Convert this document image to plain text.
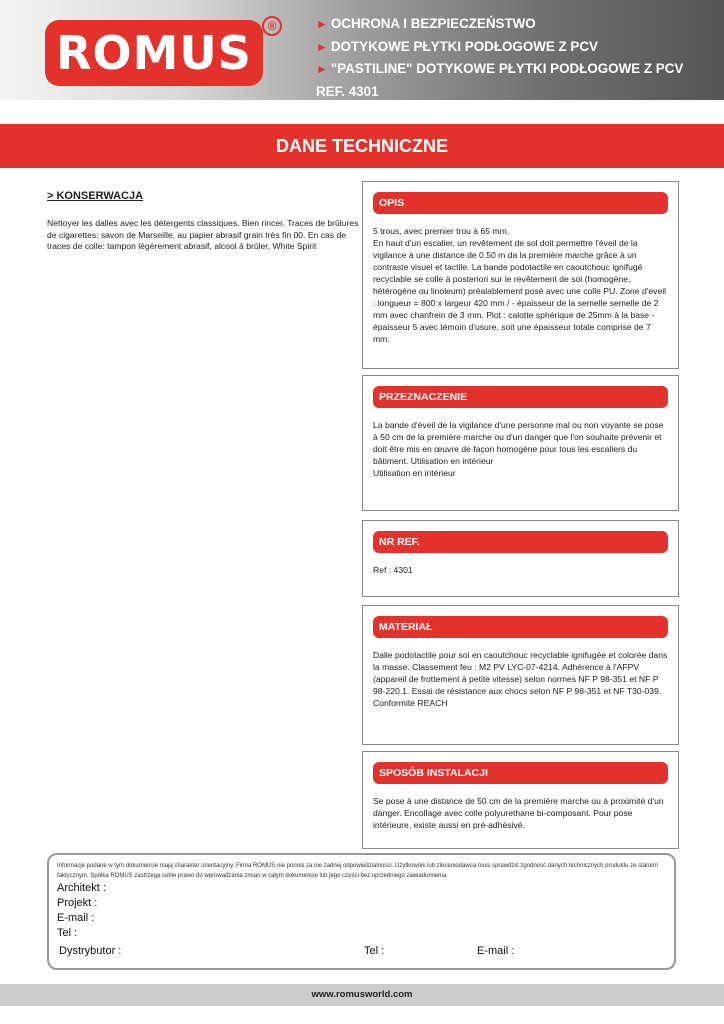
ROMUS	®	► OCHRONA I BEZPIECZEŃSTWO
► DOTYKOWE PŁYTKI PODŁOGOWE Z PCV
► "PASTILINE" DOTYKOWE PŁYTKI PODŁOGOWE Z PCV
REF. 4301
DANE TECHNICZNE
> KONSERWACJA
Nettoyer les dalles avec les détergents classiques. Bien rincer. Traces de brûlures de cigarettes: savon de Marseille, au papier abrasif grain très fin 00. En cas de traces de colle: tampon légèrement abrasif, alcool à brûler, White Spirit
OPIS
5 trous, avec premier trou à 65 mm.
En haut d'un escalier, un revêtement de sol doit permettre l'éveil de la vigilance à une distance de 0.50 m da la première marche grâce à un contraste visuel et tactile. La bande podotactile en caoutchouc ignifugé recyclable se colle à posteriori sur le revêtement de sol (homogène, hétérogène ou linoleum) préalablement posé avec une colle PU. Zone d'eveil : longueur = 800 x largeur 420 mm / - épaisseur de la semelle semelle de 2 mm avec chanfrein de 3 mm. Plot : calotte sphérique de 25mm à la base - épaisseur 5 avec témoin d'usure, soit une épaisseur totale comprise de 7 mm.
PRZEZNACZENIE
La bande d'éveil de la vigilance d'une personne mal ou non voyante se pose à 50 cm de la première marche ou d'un danger que l'on souhaite prévenir et doit être mis en œuvre de façon homogène pour tous les escaliers du bâtiment. Utilisation en intérieur
Utilisation en intérieur
NR REF.
Ref : 4301
MATERIAŁ
Dalle podotactile pour sol en caoutchouc recyclable ignifugée et colorée dans la masse. Classement feu : M2 PV LYC-07-4214. Adhérence à l'AFPV (appareil de frottement à petite vitesse) selon normes NF P 98-351 et NF P 98-220.1. Essai de résistance aux chocs selon NF P 98-351 et NF T30-039.
Conformité REACH
SPOSÓB INSTALACJI
Se pose à une distance de 50 cm de la première marche ou à proximité d'un danger. Encollage avec colle polyurethane bi-composant. Pour pose intérieure, existe aussi en pré-adhésivé.
Informacje podane w tym dokumencie mają charakter orientacyjny. Firma ROMUS nie ponosi za nie żadnej odpowiedzialności. Użytkownik lub zleceniodawca musi sprawdzić zgodność danych technicznych produktu ze stanem faktycznym. Spółka ROMUS zastrzega sobie prawo do wprowadzania zmian w całym dokumencie lub jego części bez uprzedniego zawiadomienia.
Architekt :
Projekt :
E-mail :
Tel :
Dystrybutor :	Tel :	E-mail :
www.romusworld.com
